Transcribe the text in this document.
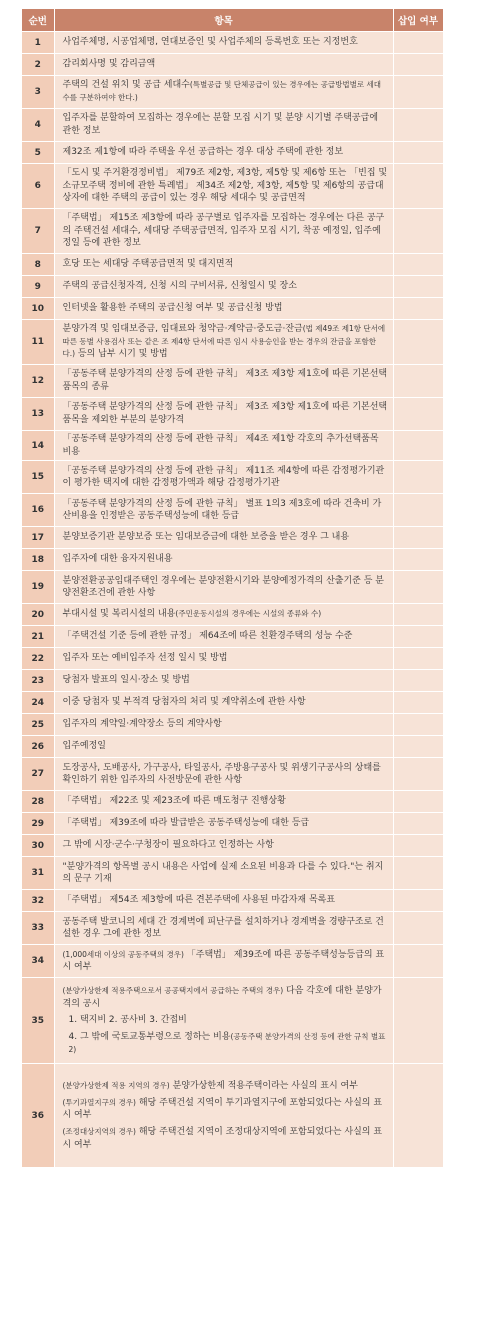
순번	항목	삽입 여부
1	사업주체명, 시공업체명, 연대보증인 및 사업주체의 등록번호 또는 지정번호	
2	감리회사명 및 감리금액	
3	주택의 건설 위치 및 공급 세대수(특별공급 및 단체공급이 있는 경우에는 공급방법별로 세대수를 구분하여야 한다.)	
4	입주자를 분할하여 모집하는 경우에는 분할 모집 시기 및 분양 시기별 주택공급에 관한 정보	
5	제32조 제1항에 따라 주택을 우선 공급하는 경우 대상 주택에 관한 정보	
6	「도시 및 주거환경정비법」 제79조 제2항, 제3항, 제5항 및 제6항 또는 「빈집 및 소규모주택 정비에 관한 특례법」 제34조 제2항, 제3항, 제5항 및 제6항의 공급대상자에 대한 주택의 공급이 있는 경우 해당 세대수 및 공급면적	
7	「주택법」 제15조 제3항에 따라 공구별로 입주자를 모집하는 경우에는 다른 공구의 주택건설 세대수, 세대당 주택공급면적, 입주자 모집 시기, 착공 예정일, 입주예정일 등에 관한 정보	
8	호당 또는 세대당 주택공급면적 및 대지면적	
9	주택의 공급신청자격, 신청 시의 구비서류, 신청일시 및 장소	
10	인터넷을 활용한 주택의 공급신청 여부 및 공급신청 방법	
11	분양가격 및 임대보증금, 임대료와 청약금·계약금·중도금·잔금(법 제49조 제1항 단서에 따른 동별 사용검사 또는 같은 조 제4항 단서에 따른 임시 사용승인을 받는 경우의 잔금을 포함한다.) 등의 납부 시기 및 방법	
12	「공동주택 분양가격의 산정 등에 관한 규칙」 제3조 제3항 제1호에 따른 기본선택품목의 종류	
13	「공동주택 분양가격의 산정 등에 관한 규칙」 제3조 제3항 제1호에 따른 기본선택품목을 제외한 부분의 분양가격	
14	「공동주택 분양가격의 산정 등에 관한 규칙」 제4조 제1항 각호의 추가선택품목 비용	
15	「공동주택 분양가격의 산정 등에 관한 규칙」 제11조 제4항에 따른 감정평가기관이 평가한 택지에 대한 감정평가액과 해당 감정평가기관	
16	「공동주택 분양가격의 산정 등에 관한 규칙」 별표 1의3 제3호에 따라 건축비 가산비용을 인정받은 공동주택성능에 대한 등급	
17	분양보증기관 분양보증 또는 임대보증금에 대한 보증을 받은 경우 그 내용	
18	입주자에 대한 융자지원내용	
19	분양전환공공임대주택인 경우에는 분양전환시기와 분양예정가격의 산출기준 등 분양전환조건에 관한 사항	
20	부대시설 및 복리시설의 내용(주민운동시설의 경우에는 시설의 종류와 수)	
21	「주택건설 기준 등에 관한 규정」 제64조에 따른 친환경주택의 성능 수준	
22	입주자 또는 예비입주자 선정 일시 및 방법	
23	당첨자 발표의 일시·장소 및 방법	
24	이중 당첨자 및 부적격 당첨자의 처리 및 계약취소에 관한 사항	
25	입주자의 계약일·계약장소 등의 계약사항	
26	입주예정일	
27	도장공사, 도배공사, 가구공사, 타일공사, 주방용구공사 및 위생기구공사의 상태를 확인하기 위한 입주자의 사전방문에 관한 사항	
28	「주택법」 제22조 및 제23조에 따른 매도청구 진행상황	
29	「주택법」 제39조에 따라 발급받은 공동주택성능에 대한 등급	
30	그 밖에 시장·군수·구청장이 필요하다고 인정하는 사항	
31	"분양가격의 항목별 공시 내용은 사업에 실제 소요된 비용과 다를 수 있다."는 취지의 문구 기재	
32	「주택법」 제54조 제3항에 따른 견본주택에 사용된 마감자재 목록표	
33	공동주택 발코니의 세대 간 경계벽에 피난구를 설치하거나 경계벽을 경량구조로 건설한 경우 그에 관한 정보	
34	(1,000세대 이상의 공동주택의 경우) 「주택법」 제39조에 따른 공동주택성능등급의 표시 여부	
35	(분양가상한제 적용주택으로서 공공택지에서 공급하는 주택의 경우) 다음 각호에 대한 분양가격의 공시
1. 택지비 2. 공사비 3. 간접비
4. 그 밖에 국토교통부령으로 정하는 비용(공동주택 분양가격의 산정 등에 관한 규칙 별표 2)	

36	(분양가상한제 적용 지역의 경우) 분양가상한제 적용주택이라는 사실의 표시 여부
(투기과열지구의 경우) 해당 주택건설 지역이 투기과열지구에 포함되었다는 사실의 표시 여부
(조정대상지역의 경우) 해당 주택건설 지역이 조정대상지역에 포함되었다는 사실의 표시 여부	
